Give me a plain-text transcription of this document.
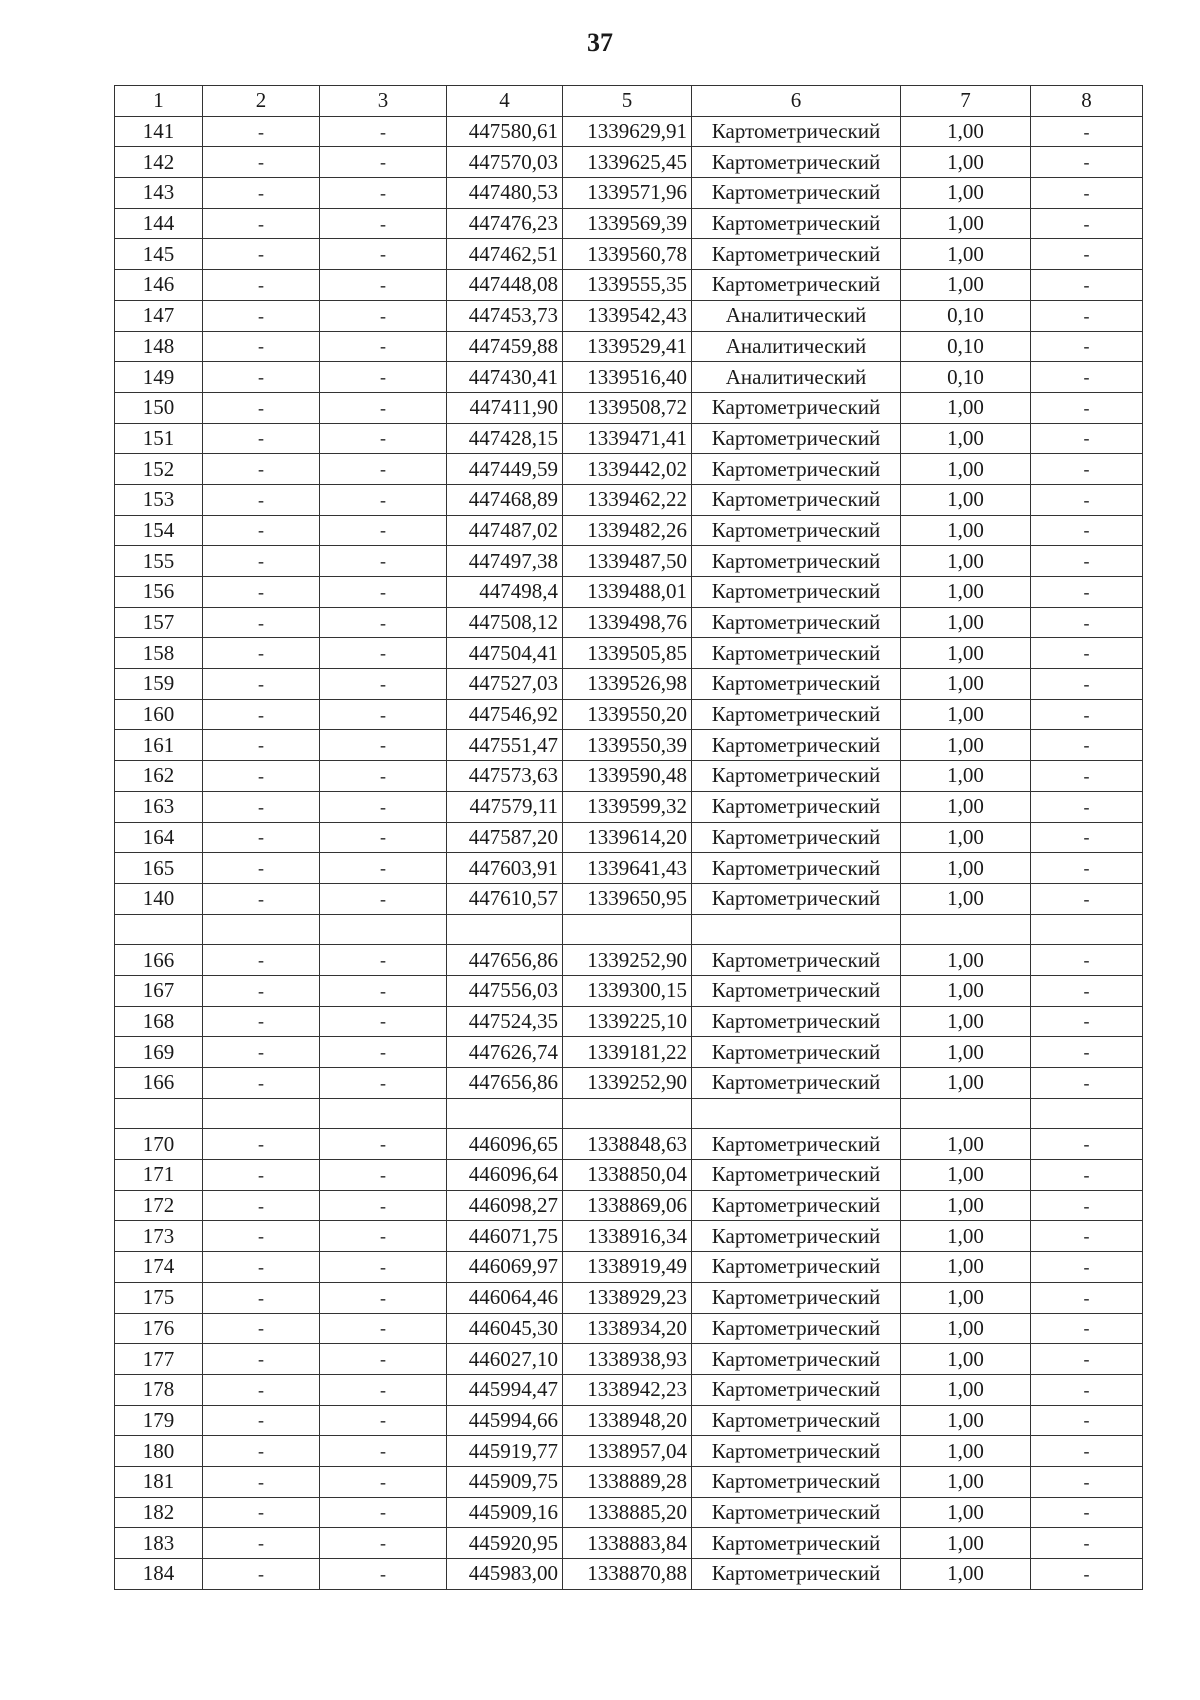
37
1	2	3	4	5	6	7	8
141	-	-	447580,61	1339629,91	Картометрический	1,00	-
142	-	-	447570,03	1339625,45	Картометрический	1,00	-
143	-	-	447480,53	1339571,96	Картометрический	1,00	-
144	-	-	447476,23	1339569,39	Картометрический	1,00	-
145	-	-	447462,51	1339560,78	Картометрический	1,00	-
146	-	-	447448,08	1339555,35	Картометрический	1,00	-
147	-	-	447453,73	1339542,43	Аналитический	0,10	-
148	-	-	447459,88	1339529,41	Аналитический	0,10	-
149	-	-	447430,41	1339516,40	Аналитический	0,10	-
150	-	-	447411,90	1339508,72	Картометрический	1,00	-
151	-	-	447428,15	1339471,41	Картометрический	1,00	-
152	-	-	447449,59	1339442,02	Картометрический	1,00	-
153	-	-	447468,89	1339462,22	Картометрический	1,00	-
154	-	-	447487,02	1339482,26	Картометрический	1,00	-
155	-	-	447497,38	1339487,50	Картометрический	1,00	-
156	-	-	447498,4	1339488,01	Картометрический	1,00	-
157	-	-	447508,12	1339498,76	Картометрический	1,00	-
158	-	-	447504,41	1339505,85	Картометрический	1,00	-
159	-	-	447527,03	1339526,98	Картометрический	1,00	-
160	-	-	447546,92	1339550,20	Картометрический	1,00	-
161	-	-	447551,47	1339550,39	Картометрический	1,00	-
162	-	-	447573,63	1339590,48	Картометрический	1,00	-
163	-	-	447579,11	1339599,32	Картометрический	1,00	-
164	-	-	447587,20	1339614,20	Картометрический	1,00	-
165	-	-	447603,91	1339641,43	Картометрический	1,00	-
140	-	-	447610,57	1339650,95	Картометрический	1,00	-

166	-	-	447656,86	1339252,90	Картометрический	1,00	-
167	-	-	447556,03	1339300,15	Картометрический	1,00	-
168	-	-	447524,35	1339225,10	Картометрический	1,00	-
169	-	-	447626,74	1339181,22	Картометрический	1,00	-
166	-	-	447656,86	1339252,90	Картометрический	1,00	-

170	-	-	446096,65	1338848,63	Картометрический	1,00	-
171	-	-	446096,64	1338850,04	Картометрический	1,00	-
172	-	-	446098,27	1338869,06	Картометрический	1,00	-
173	-	-	446071,75	1338916,34	Картометрический	1,00	-
174	-	-	446069,97	1338919,49	Картометрический	1,00	-
175	-	-	446064,46	1338929,23	Картометрический	1,00	-
176	-	-	446045,30	1338934,20	Картометрический	1,00	-
177	-	-	446027,10	1338938,93	Картометрический	1,00	-
178	-	-	445994,47	1338942,23	Картометрический	1,00	-
179	-	-	445994,66	1338948,20	Картометрический	1,00	-
180	-	-	445919,77	1338957,04	Картометрический	1,00	-
181	-	-	445909,75	1338889,28	Картометрический	1,00	-
182	-	-	445909,16	1338885,20	Картометрический	1,00	-
183	-	-	445920,95	1338883,84	Картометрический	1,00	-
184	-	-	445983,00	1338870,88	Картометрический	1,00	-
